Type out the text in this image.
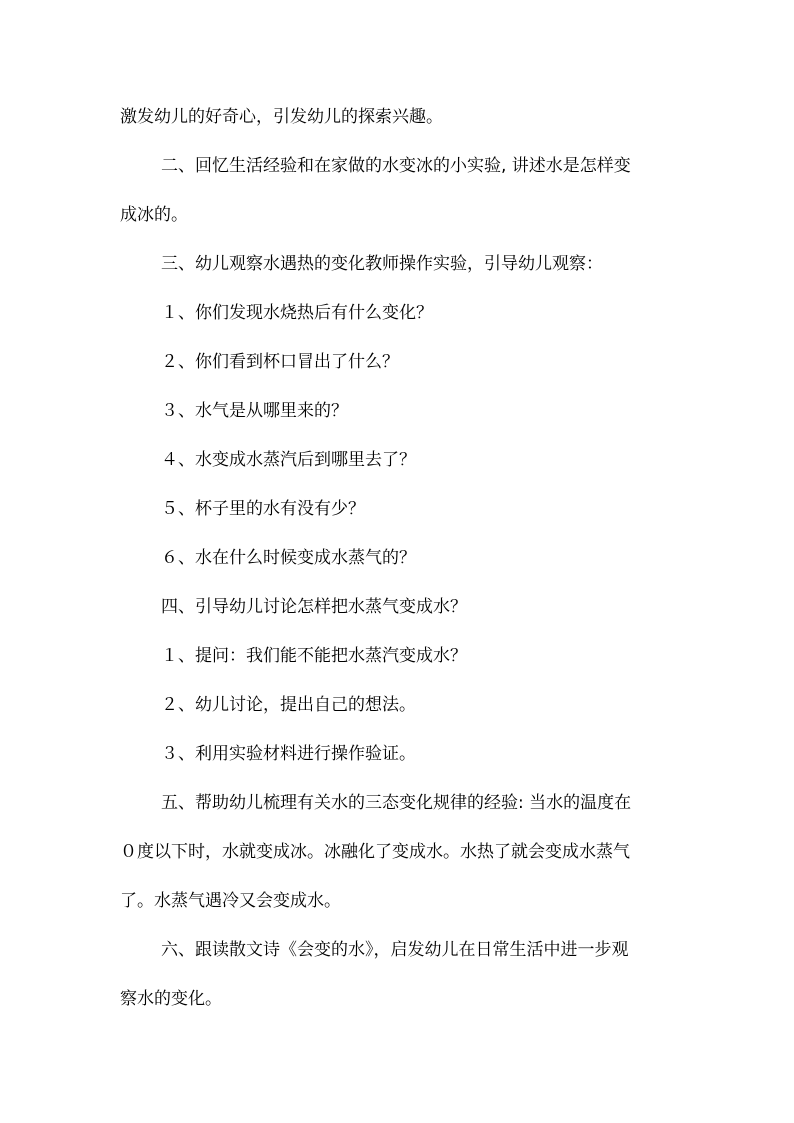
激发幼儿的好奇心，引发幼儿的探索兴趣。

二、回忆生活经验和在家做的水变冰的小实验, 讲述水是怎样变

成冰的。

三、幼儿观察水遇热的变化教师操作实验，引导幼儿观察：

１、你们发现水烧热后有什么变化？

２、你们看到杯口冒出了什么？

３、水气是从哪里来的？

４、水变成水蒸汽后到哪里去了？

５、杯子里的水有没有少？

６、水在什么时候变成水蒸气的？

四、引导幼儿讨论怎样把水蒸气变成水？

１、提问：我们能不能把水蒸汽变成水？

２、幼儿讨论，提出自己的想法。

３、利用实验材料进行操作验证。

五、帮助幼儿梳理有关水的三态变化规律的经验: 当水的温度在

０度以下时，水就变成冰。冰融化了变成水。水热了就会变成水蒸气

了。水蒸气遇冷又会变成水。

六、跟读散文诗《会变的水》，启发幼儿在日常生活中进一步观

察水的变化。
